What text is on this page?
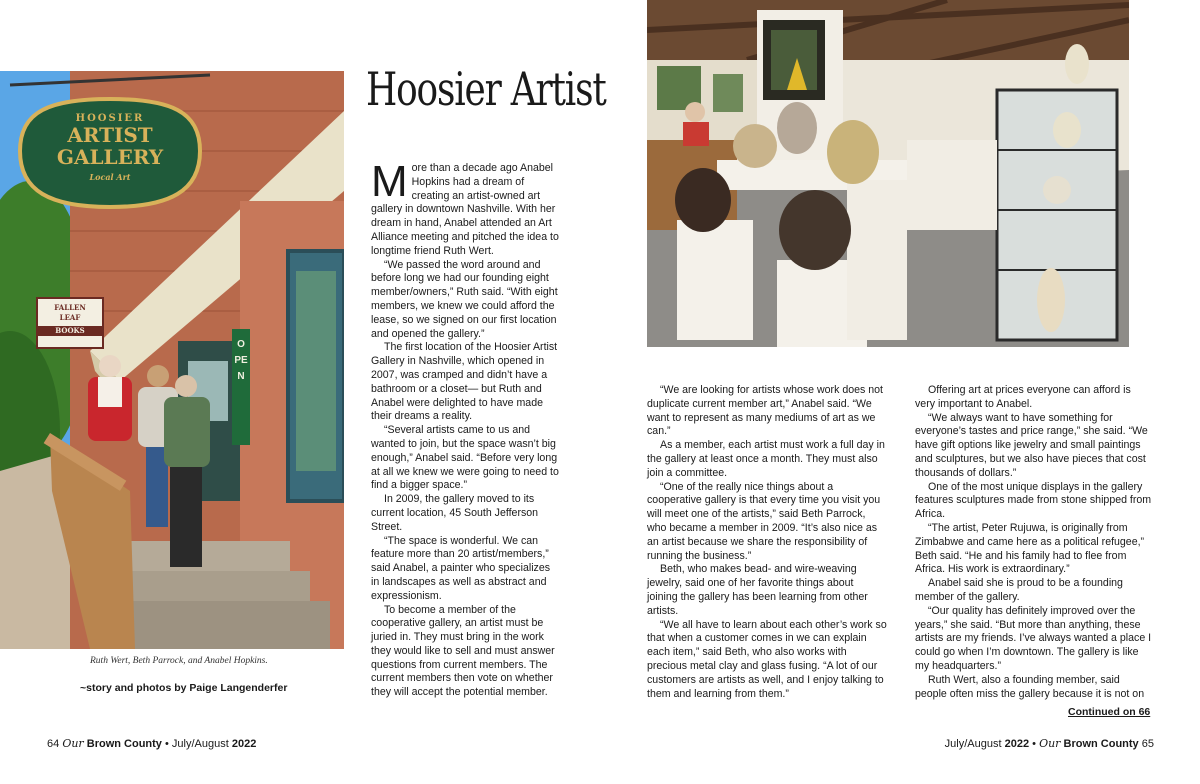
HOOSIER
ARTIST
GALLERY
Local Art
FALLEN
LEAF
BOOKS
OPEN
Hoosier Artist

More than a decade ago Anabel Hopkins had a dream of creating an artist-owned art gallery in downtown Nashville. With her dream in hand, Anabel attended an Art Alliance meeting and pitched the idea to longtime friend Ruth Wert.

“We passed the word around and before long we had our founding eight member/owners,” Ruth said. “With eight members, we knew we could afford the lease, so we signed on our first location and opened the gallery.”

The first location of the Hoosier Artist Gallery in Nashville, which opened in 2007, was cramped and didn’t have a bathroom or a closet— but Ruth and Anabel were delighted to have made their dreams a reality.

“Several artists came to us and wanted to join, but the space wasn’t big enough,” Anabel said. “Before very long at all we knew we were going to need to find a bigger space.”

In 2009, the gallery moved to its current location, 45 South Jefferson Street.

“The space is wonderful. We can feature more than 20 artist/members,” said Anabel, a painter who specializes in landscapes as well as abstract and expressionism.

To become a member of the cooperative gallery, an artist must be juried in. They must bring in the work they would like to sell and must answer questions from current members. The current members then vote on whether they will accept the potential member.

“We are looking for artists whose work does not duplicate current member art,” Anabel said. “We want to represent as many mediums of art as we can.”

As a member, each artist must work a full day in the gallery at least once a month. They must also join a committee.

“One of the really nice things about a cooperative gallery is that every time you visit you will meet one of the artists,” said Beth Parrock, who became a member in 2009. “It’s also nice as an artist because we share the responsibility of running the business.”

Beth, who makes bead- and wire-weaving jewelry, said one of her favorite things about joining the gallery has been learning from other artists.

“We all have to learn about each other’s work so that when a customer comes in we can explain each item,” said Beth, who also works with precious metal clay and glass fusing. “A lot of our customers are artists as well, and I enjoy talking to them and learning from them.”

Offering art at prices everyone can afford is very important to Anabel.

“We always want to have something for everyone’s tastes and price range,” she said. “We have gift options like jewelry and small paintings and sculptures, but we also have pieces that cost thousands of dollars.”

One of the most unique displays in the gallery features sculptures made from stone shipped from Africa.

“The artist, Peter Rujuwa, is originally from Zimbabwe and came here as a political refugee,” Beth said. “He and his family had to flee from Africa. His work is extraordinary.”

Anabel said she is proud to be a founding member of the gallery.

“Our quality has definitely improved over the years,” she said. “But more than anything, these artists are my friends. I’ve always wanted a place I could go when I’m downtown. The gallery is like my headquarters.”

Ruth Wert, also a founding member, said people often miss the gallery because it is not on

Continued on 66
Ruth Wert, Beth Parrock, and Anabel Hopkins.
~story and photos by Paige Langenderfer
64 Our Brown County • July/August 2022	July/August 2022 • Our Brown County 65
